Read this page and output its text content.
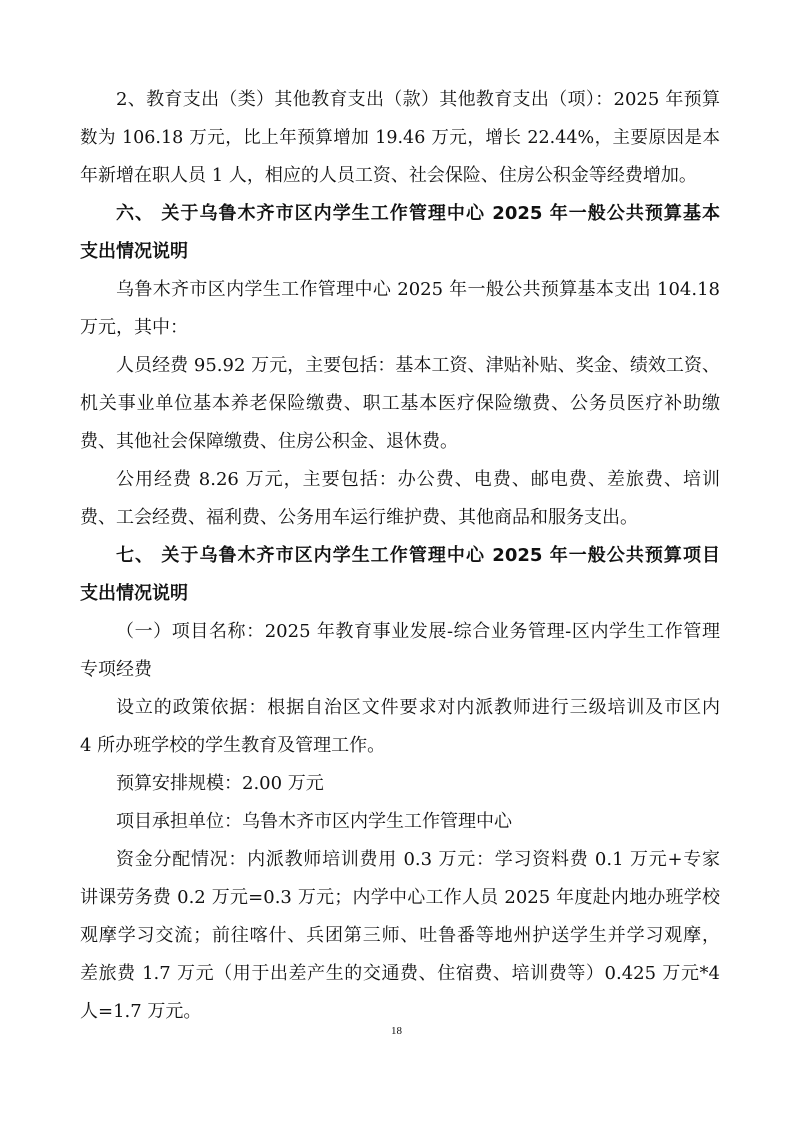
2、教育支出（类）其他教育支出（款）其他教育支出（项）：2025 年预算
数为 106.18 万元，比上年预算增加 19.46 万元，增长 22.44%，主要原因是本
年新增在职人员 1 人，相应的人员工资、社会保险、住房公积金等经费增加。
六、 关于乌鲁木齐市区内学生工作管理中心 2025 年一般公共预算基本
支出情况说明
乌鲁木齐市区内学生工作管理中心 2025 年一般公共预算基本支出 104.18
万元，其中：
人员经费 95.92 万元，主要包括：基本工资、津贴补贴、奖金、绩效工资、
机关事业单位基本养老保险缴费、职工基本医疗保险缴费、公务员医疗补助缴
费、其他社会保障缴费、住房公积金、退休费。
公用经费 8.26 万元，主要包括：办公费、电费、邮电费、差旅费、培训
费、工会经费、福利费、公务用车运行维护费、其他商品和服务支出。
七、 关于乌鲁木齐市区内学生工作管理中心 2025 年一般公共预算项目
支出情况说明
（一）项目名称：2025 年教育事业发展-综合业务管理-区内学生工作管理
专项经费
设立的政策依据：根据自治区文件要求对内派教师进行三级培训及市区内
4 所办班学校的学生教育及管理工作。
预算安排规模：2.00 万元
项目承担单位：乌鲁木齐市区内学生工作管理中心
资金分配情况：内派教师培训费用 0.3 万元：学习资料费 0.1 万元+专家
讲课劳务费 0.2 万元=0.3 万元；内学中心工作人员 2025 年度赴内地办班学校
观摩学习交流；前往喀什、兵团第三师、吐鲁番等地州护送学生并学习观摩，
差旅费 1.7 万元（用于出差产生的交通费、住宿费、培训费等）0.425 万元*4
人=1.7 万元。
18
